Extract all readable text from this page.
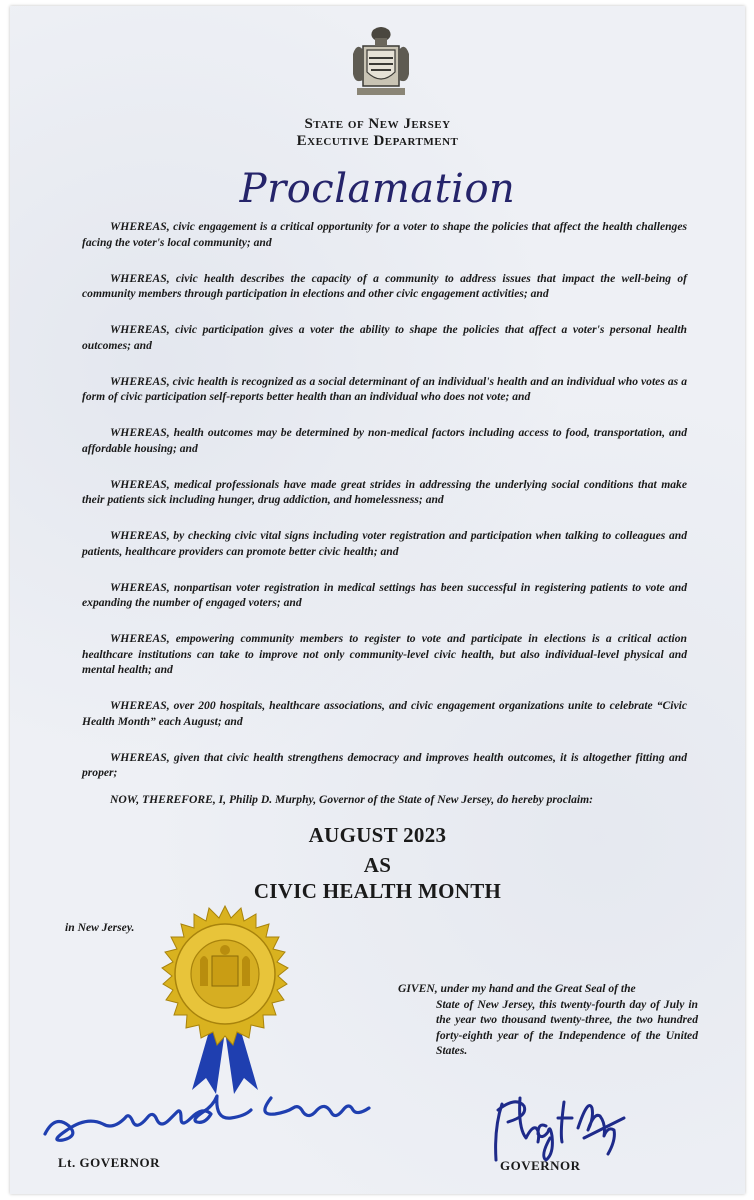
State of New Jersey
Executive Department
Proclamation

WHEREAS, civic engagement is a critical opportunity for a voter to shape the policies that affect the health challenges facing the voter's local community; and

WHEREAS, civic health describes the capacity of a community to address issues that impact the well-being of community members through participation in elections and other civic engagement activities; and

WHEREAS, civic participation gives a voter the ability to shape the policies that affect a voter's personal health outcomes; and

WHEREAS, civic health is recognized as a social determinant of an individual's health and an individual who votes as a form of civic participation self-reports better health than an individual who does not vote; and

WHEREAS, health outcomes may be determined by non-medical factors including access to food, transportation, and affordable housing; and

WHEREAS, medical professionals have made great strides in addressing the underlying social conditions that make their patients sick including hunger, drug addiction, and homelessness; and

WHEREAS, by checking civic vital signs including voter registration and participation when talking to colleagues and patients, healthcare providers can promote better civic health; and

WHEREAS, nonpartisan voter registration in medical settings has been successful in registering patients to vote and expanding the number of engaged voters; and

WHEREAS, empowering community members to register to vote and participate in elections is a critical action healthcare institutions can take to improve not only community-level civic health, but also individual-level physical and mental health; and

WHEREAS, over 200 hospitals, healthcare associations, and civic engagement organizations unite to celebrate “Civic Health Month” each August; and

WHEREAS, given that civic health strengthens democracy and improves health outcomes, it is altogether fitting and proper;

NOW, THEREFORE, I, Philip D. Murphy, Governor of the State of New Jersey, do hereby proclaim:
AUGUST 2023
AS
CIVIC HEALTH MONTH
in New Jersey.

GIVEN, under my hand and the Great Seal of the

State of New Jersey, this twenty-fourth day of July in the year two thousand twenty-three, the two hundred forty-eighth year of the Independence of the United States.

Lt. GOVERNOR	GOVERNOR
